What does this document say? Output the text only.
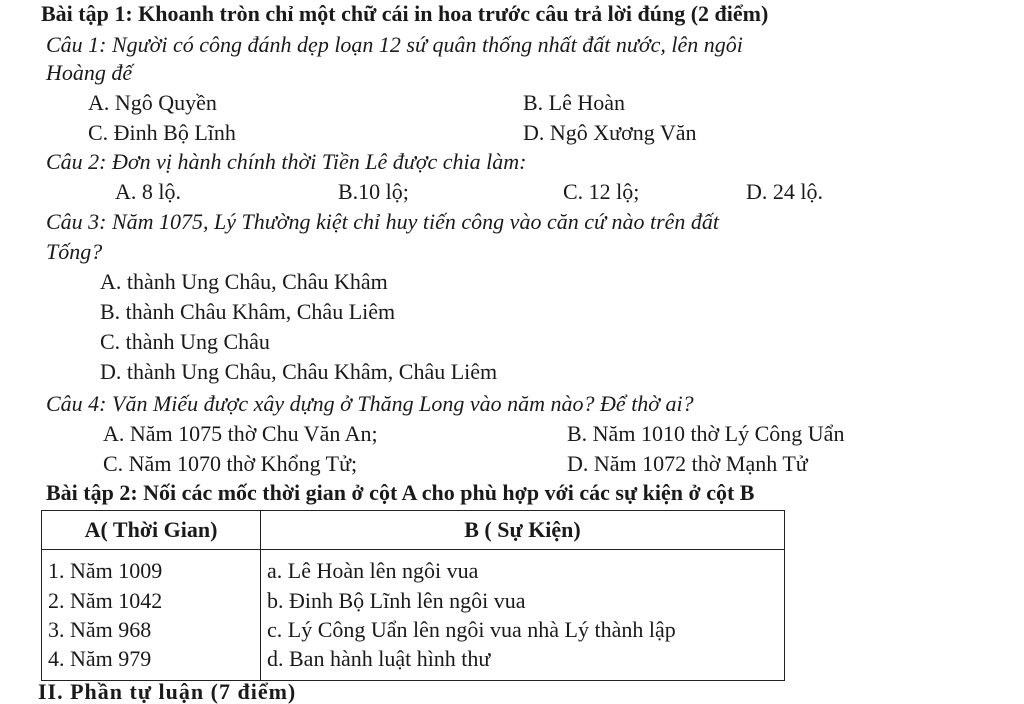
Bài tập 1: Khoanh tròn chỉ một chữ cái in hoa trước câu trả lời đúng (2 điểm)
Câu 1: Người có công đánh dẹp loạn 12 sứ quân thống nhất đất nước, lên ngôi
Hoàng đế
A. Ngô Quyền	B. Lê Hoàn
C. Đinh Bộ Lĩnh	D. Ngô Xương Văn
Câu 2: Đơn vị hành chính thời Tiền Lê được chia làm:
A. 8 lộ.	B.10 lộ;	C. 12 lộ;	D. 24 lộ.
Câu 3: Năm 1075, Lý Thường kiệt chỉ huy tiến công vào căn cứ nào trên đất
Tống?
A. thành Ung Châu, Châu Khâm
B. thành Châu Khâm, Châu Liêm
C. thành Ung Châu
D. thành Ung Châu, Châu Khâm, Châu Liêm
Câu 4: Văn Miếu được xây dựng ở Thăng Long vào năm nào? Để thờ ai?
A. Năm 1075 thờ Chu Văn An;	B. Năm 1010 thờ Lý Công Uẩn
C. Năm 1070 thờ Khổng Tử;	D. Năm 1072 thờ Mạnh Tử
Bài tập 2: Nối các mốc thời gian ở cột A cho phù hợp với các sự kiện ở cột B
A( Thời Gian)	B ( Sự Kiện)
1. Năm 1009	a. Lê Hoàn lên ngôi vua
2. Năm 1042	b. Đinh Bộ Lĩnh lên ngôi vua
3. Năm 968	c. Lý Công Uẩn lên ngôi vua nhà Lý thành lập
4. Năm 979	d. Ban hành luật hình thư
II. Phần tự luận (7 điểm)
